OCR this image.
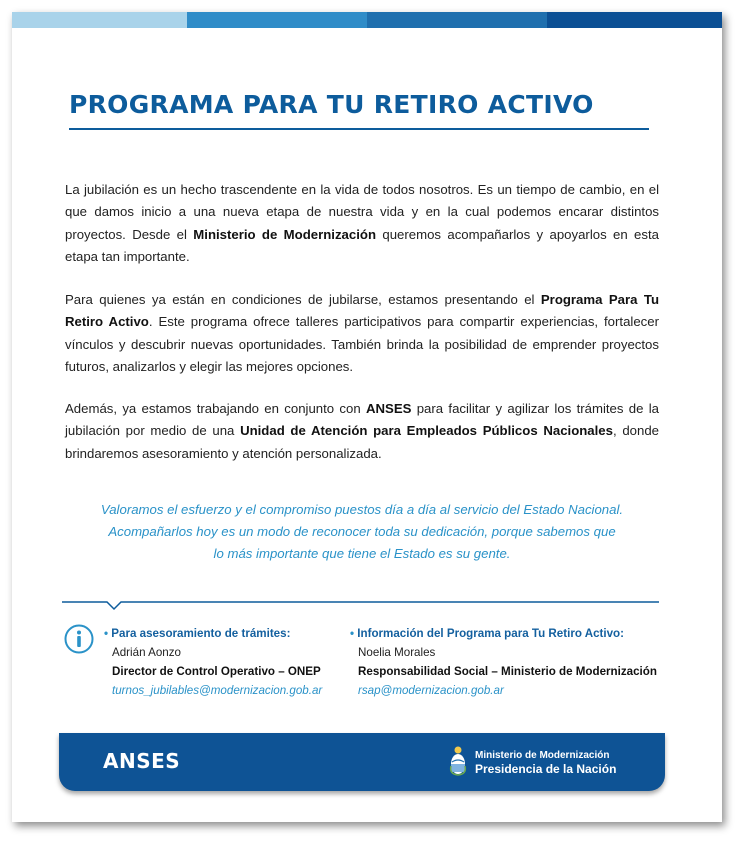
PROGRAMA PARA TU RETIRO ACTIVO

La jubilación es un hecho trascendente en la vida de todos nosotros. Es un tiempo de cambio, en el que damos inicio a una nueva etapa de nuestra vida y en la cual podemos encarar distintos proyectos. Desde el Ministerio de Modernización queremos acompañarlos y apoyarlos en esta etapa tan importante.

Para quienes ya están en condiciones de jubilarse, estamos presentando el Programa Para Tu Retiro Activo. Este programa ofrece talleres participativos para compartir experiencias, fortalecer vínculos y descubrir nuevas oportunidades. También brinda la posibilidad de emprender proyectos futuros, analizarlos y elegir las mejores opciones.

Además, ya estamos trabajando en conjunto con ANSES para facilitar y agilizar los trámites de la jubilación por medio de una Unidad de Atención para Empleados Públicos Nacionales, donde brindaremos asesoramiento y atención personalizada.

Valoramos el esfuerzo y el compromiso puestos día a día al servicio del Estado Nacional.
Acompañarlos hoy es un modo de reconocer toda su dedicación, porque sabemos que
lo más importante que tiene el Estado es su gente.

• Para asesoramiento de trámites:
Adrián Aonzo
Director de Control Operativo – ONEP
turnos_jubilables@modernizacion.gob.ar
• Información del Programa para Tu Retiro Activo:
Noelia Morales
Responsabilidad Social – Ministerio de Modernización
rsap@modernizacion.gob.ar
ANSES	Ministerio de Modernización
Presidencia de la Nación
